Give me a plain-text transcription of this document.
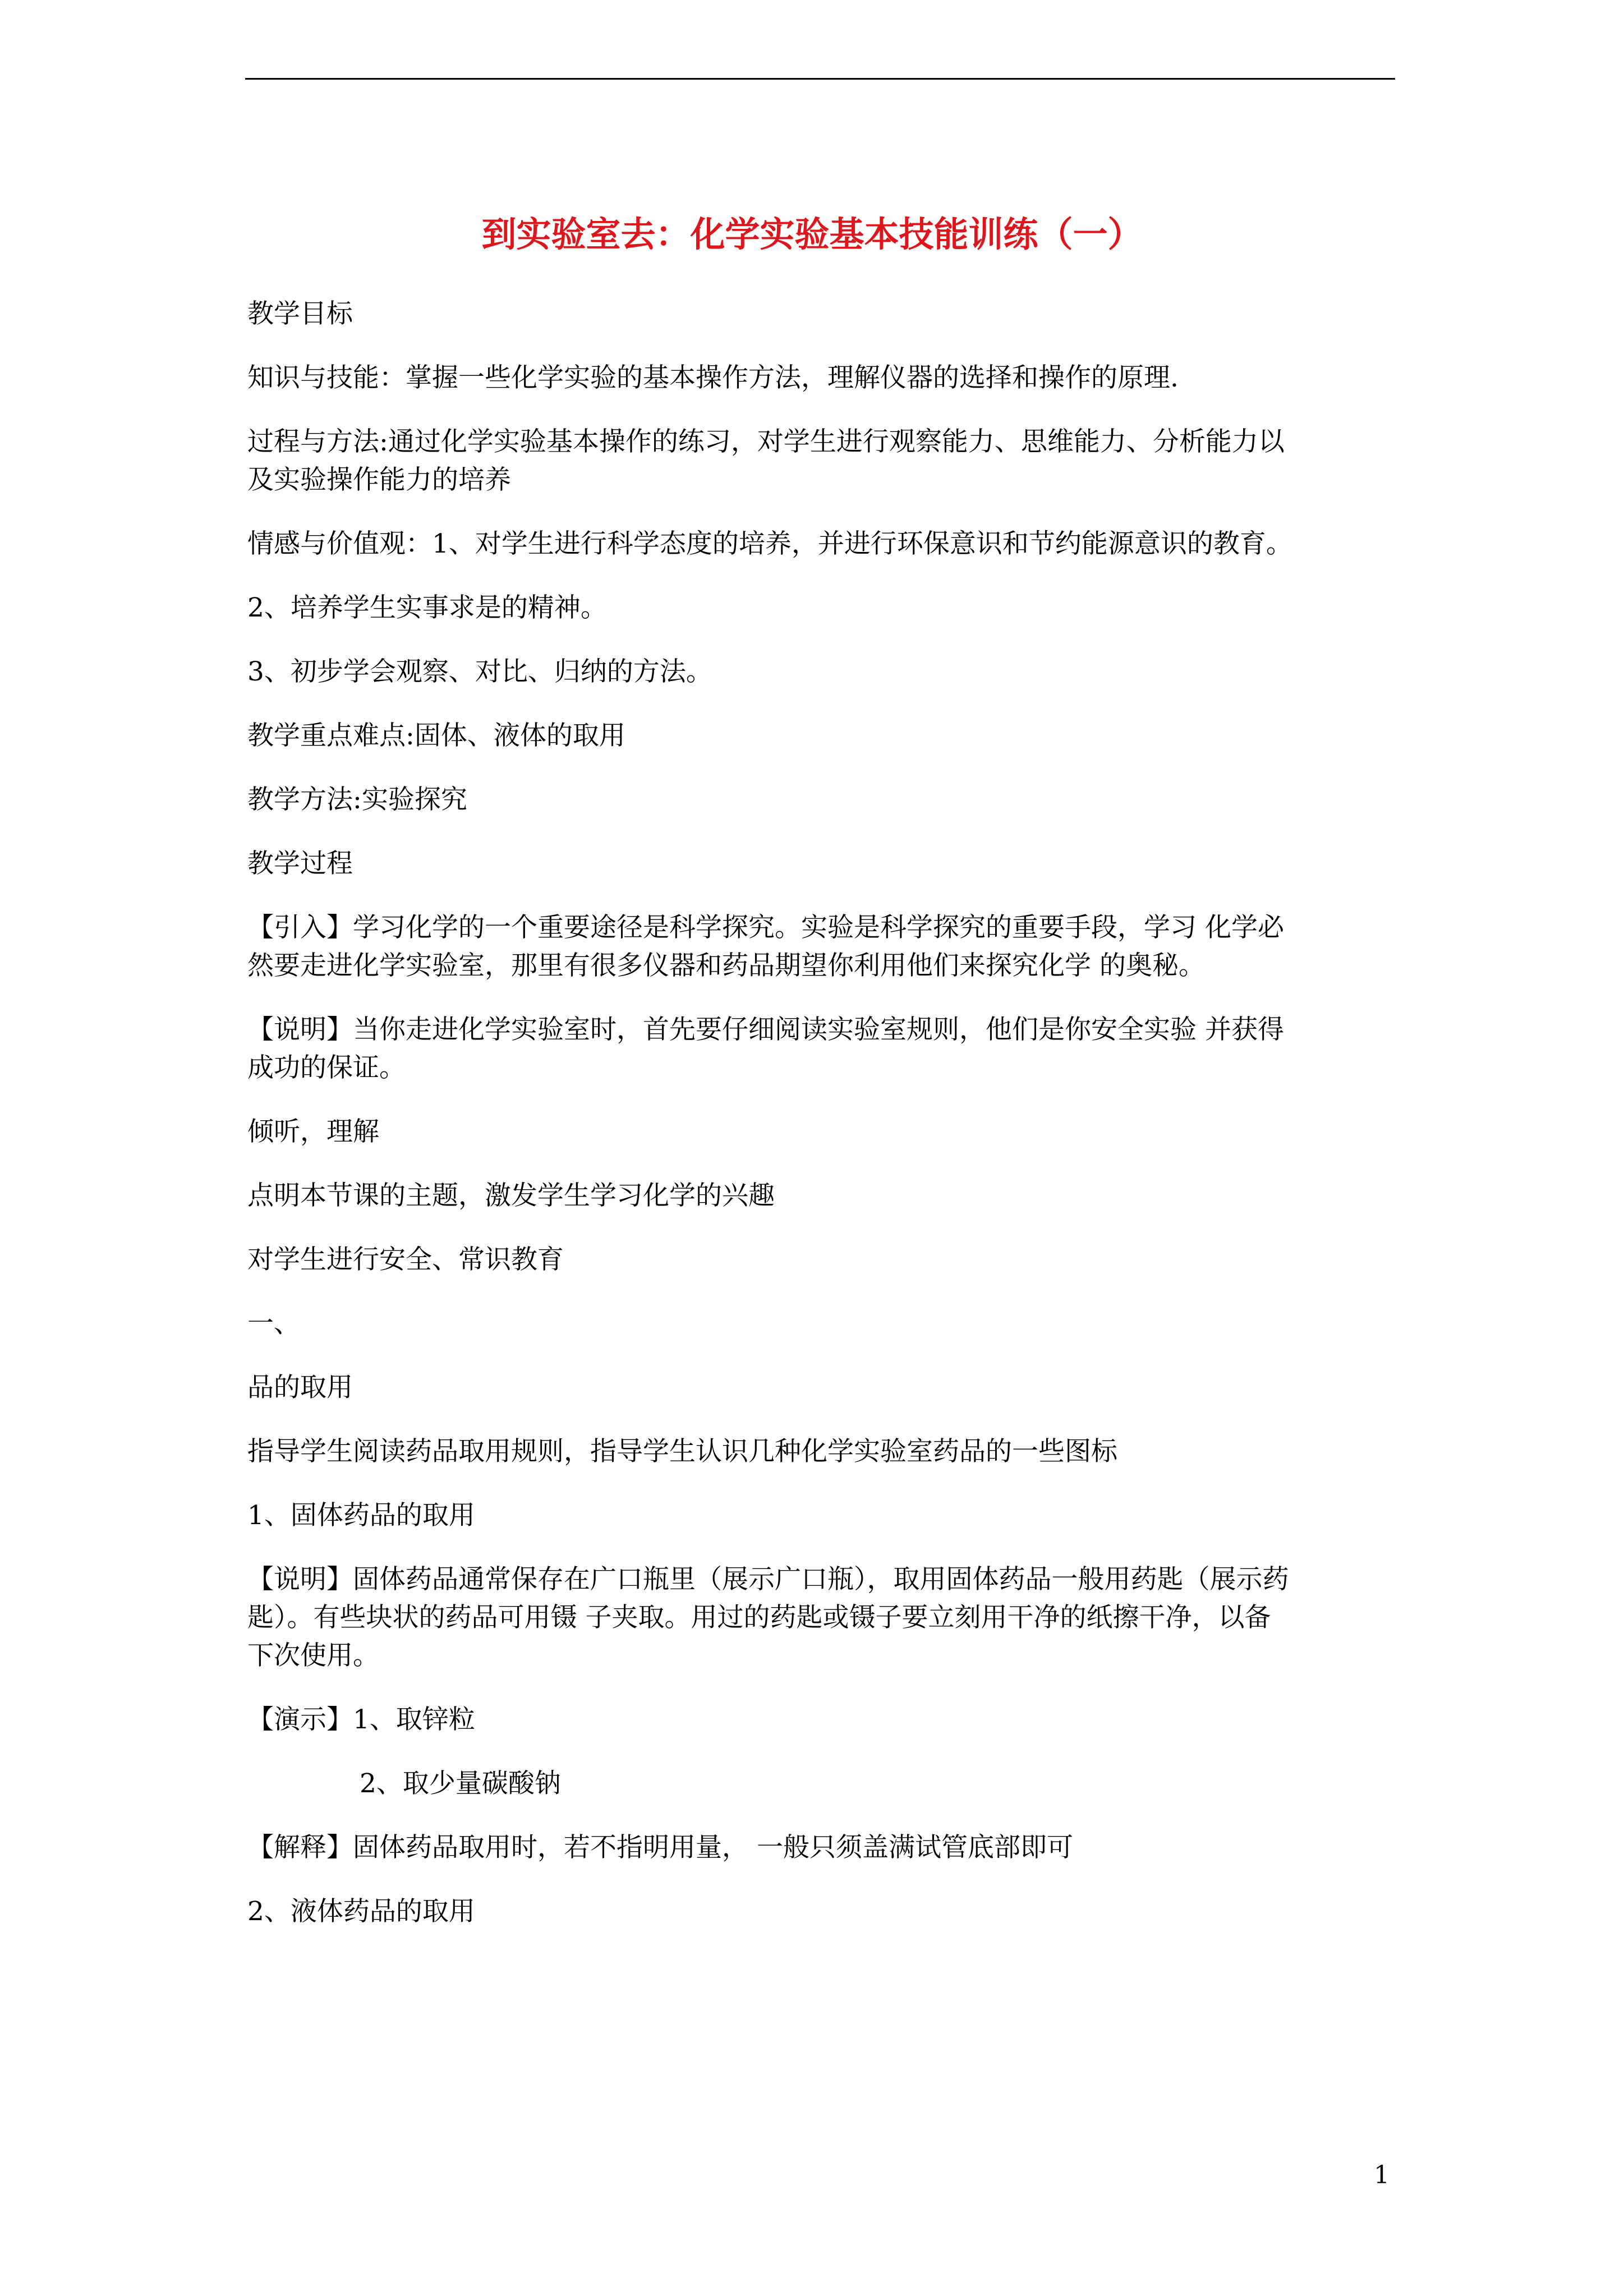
到实验室去：化学实验基本技能训练（一）
教学目标
知识与技能：掌握一些化学实验的基本操作方法，理解仪器的选择和操作的原理.
过程与方法:通过化学实验基本操作的练习，对学生进行观察能力、思维能力、分析能力以
及实验操作能力的培养
情感与价值观：1、对学生进行科学态度的培养，并进行环保意识和节约能源意识的教育。
2、培养学生实事求是的精神。
3、初步学会观察、对比、归纳的方法。
教学重点难点:固体、液体的取用
教学方法:实验探究
教学过程
【引入】学习化学的一个重要途径是科学探究。实验是科学探究的重要手段，学习 化学必
然要走进化学实验室，那里有很多仪器和药品期望你利用他们来探究化学 的奥秘。
【说明】当你走进化学实验室时，首先要仔细阅读实验室规则，他们是你安全实验 并获得
成功的保证。
倾听，理解
点明本节课的主题，激发学生学习化学的兴趣
对学生进行安全、常识教育
一、
品的取用
指导学生阅读药品取用规则，指导学生认识几种化学实验室药品的一些图标
1、固体药品的取用
【说明】固体药品通常保存在广口瓶里（展示广口瓶），取用固体药品一般用药匙（展示药
匙）。有些块状的药品可用镊 子夹取。用过的药匙或镊子要立刻用干净的纸擦干净，以备
下次使用。
【演示】1、取锌粒
2、取少量碳酸钠
【解释】固体药品取用时，若不指明用量， 一般只须盖满试管底部即可
2、液体药品的取用
1
